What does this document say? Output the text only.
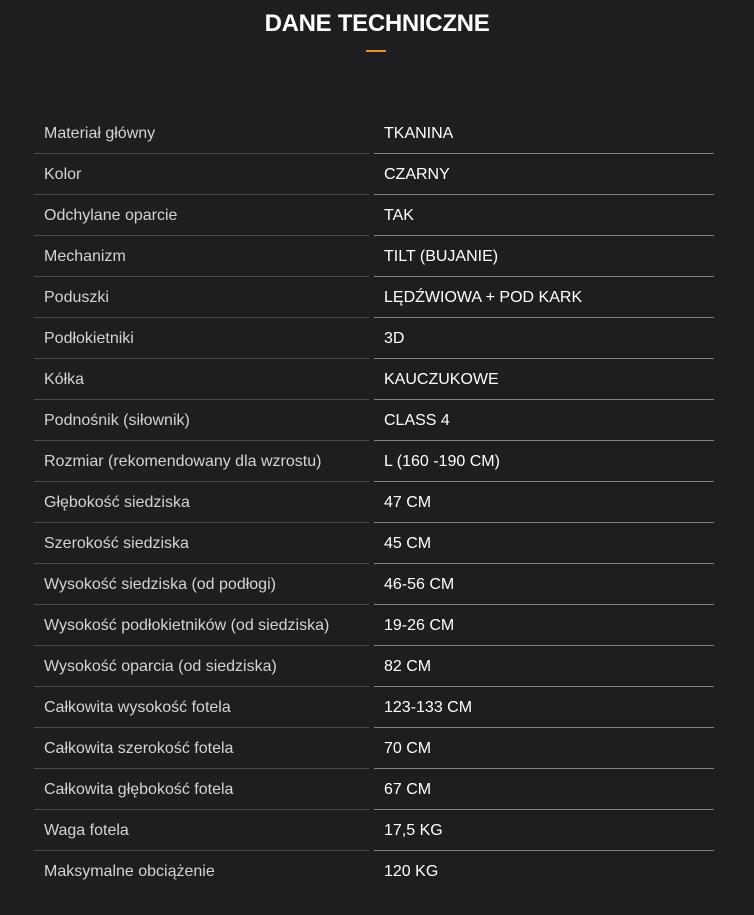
DANE TECHNICZNE
Materiał główny	TKANINA
Kolor	CZARNY
Odchylane oparcie	TAK
Mechanizm	TILT (BUJANIE)
Poduszki	LĘDŹWIOWA + POD KARK
Podłokietniki	3D
Kółka	KAUCZUKOWE
Podnośnik (siłownik)	CLASS 4
Rozmiar (rekomendowany dla wzrostu)	L (160 -190 CM)
Głębokość siedziska	47 CM
Szerokość siedziska	45 CM
Wysokość siedziska (od podłogi)	46-56 CM
Wysokość podłokietników (od siedziska)	19-26 CM
Wysokość oparcia (od siedziska)	82 CM
Całkowita wysokość fotela	123-133 CM
Całkowita szerokość fotela	70 CM
Całkowita głębokość fotela	67 CM
Waga fotela	17,5 KG
Maksymalne obciążenie	120 KG
